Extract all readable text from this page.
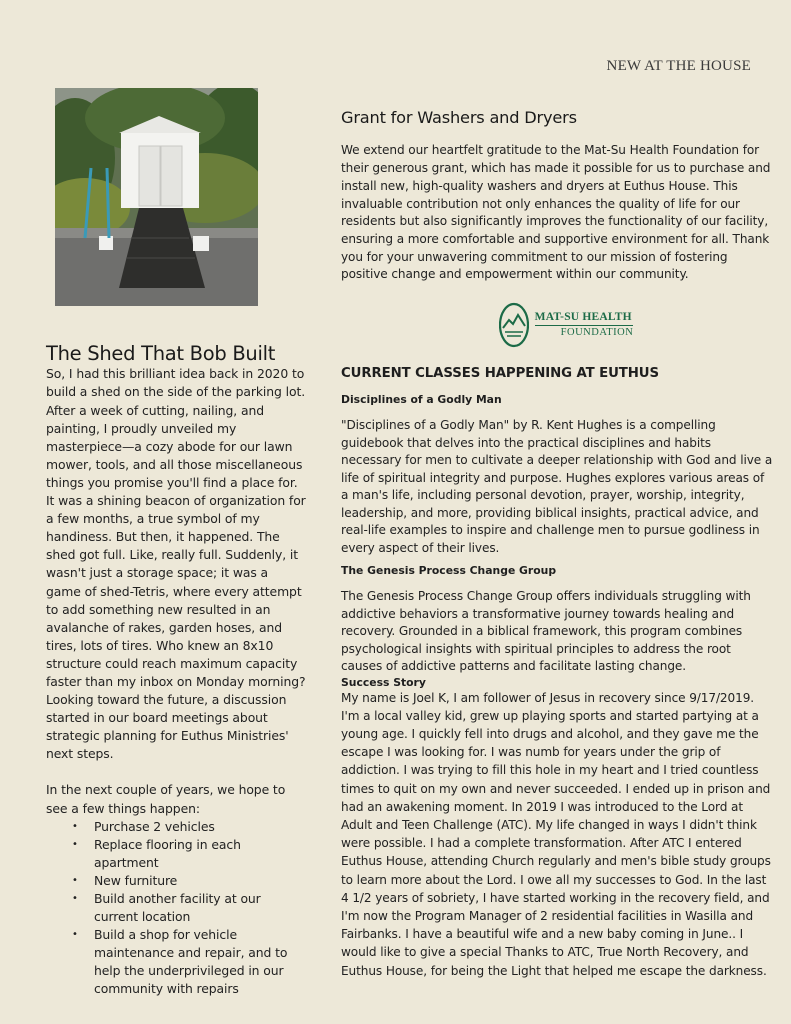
NEW AT THE HOUSE
The Shed That Bob Built

So, I had this brilliant idea back in 2020 to build a shed on the side of the parking lot. After a week of cutting, nailing, and painting, I proudly unveiled my masterpiece—a cozy abode for our lawn mower, tools, and all those miscellaneous things you promise you'll find a place for. It was a shining beacon of organization for a few months, a true symbol of my handiness. But then, it happened. The shed got full. Like, really full. Suddenly, it wasn't just a storage space; it was a game of shed-Tetris, where every attempt to add something new resulted in an avalanche of rakes, garden hoses, and tires, lots of tires. Who knew an 8x10 structure could reach maximum capacity faster than my inbox on Monday morning? Looking toward the future, a discussion started in our board meetings about strategic planning for Euthus Ministries' next steps.

In the next couple of years, we hope to see a few things happen:

• Purchase 2 vehicles
• Replace flooring in each apartment
• New furniture
• Build another facility at our current location
• Build a shop for vehicle maintenance and repair, and to help the underprivileged in our community with repairs
Grant for Washers and Dryers

We extend our heartfelt gratitude to the Mat-Su Health Foundation for their generous grant, which has made it possible for us to purchase and install new, high-quality washers and dryers at Euthus House. This invaluable contribution not only enhances the quality of life for our residents but also significantly improves the functionality of our facility, ensuring a more comfortable and supportive environment for all. Thank you for your unwavering commitment to our mission of fostering positive change and empowerment within our community.

MAT-SU HEALTH
FOUNDATION
CURRENT CLASSES HAPPENING AT EUTHUS
Disciplines of a Godly Man

"Disciplines of a Godly Man" by R. Kent Hughes is a compelling guidebook that delves into the practical disciplines and habits necessary for men to cultivate a deeper relationship with God and live a life of spiritual integrity and purpose. Hughes explores various areas of a man's life, including personal devotion, prayer, worship, integrity, leadership, and more, providing biblical insights, practical advice, and real-life examples to inspire and challenge men to pursue godliness in every aspect of their lives.

The Genesis Process Change Group

The Genesis Process Change Group offers individuals struggling with addictive behaviors a transformative journey towards healing and recovery. Grounded in a biblical framework, this program combines psychological insights with spiritual principles to address the root causes of addictive patterns and facilitate lasting change.

Success Story

My name is Joel K, I am follower of Jesus in recovery since 9/17/2019. I'm a local valley kid, grew up playing sports and started partying at a young age. I quickly fell into drugs and alcohol, and they gave me the escape I was looking for. I was numb for years under the grip of addiction. I was trying to fill this hole in my heart and I tried countless times to quit on my own and never succeeded. I ended up in prison and had an awakening moment. In 2019 I was introduced to the Lord at Adult and Teen Challenge (ATC). My life changed in ways I didn't think were possible. I had a complete transformation. After ATC I entered Euthus House, attending Church regularly and men's bible study groups to learn more about the Lord. I owe all my successes to God. In the last 4 1/2 years of sobriety, I have started working in the recovery field, and I'm now the Program Manager of 2 residential facilities in Wasilla and Fairbanks. I have a beautiful wife and a new baby coming in June.. I would like to give a special Thanks to ATC, True North Recovery, and Euthus House, for being the Light that helped me escape the darkness.
